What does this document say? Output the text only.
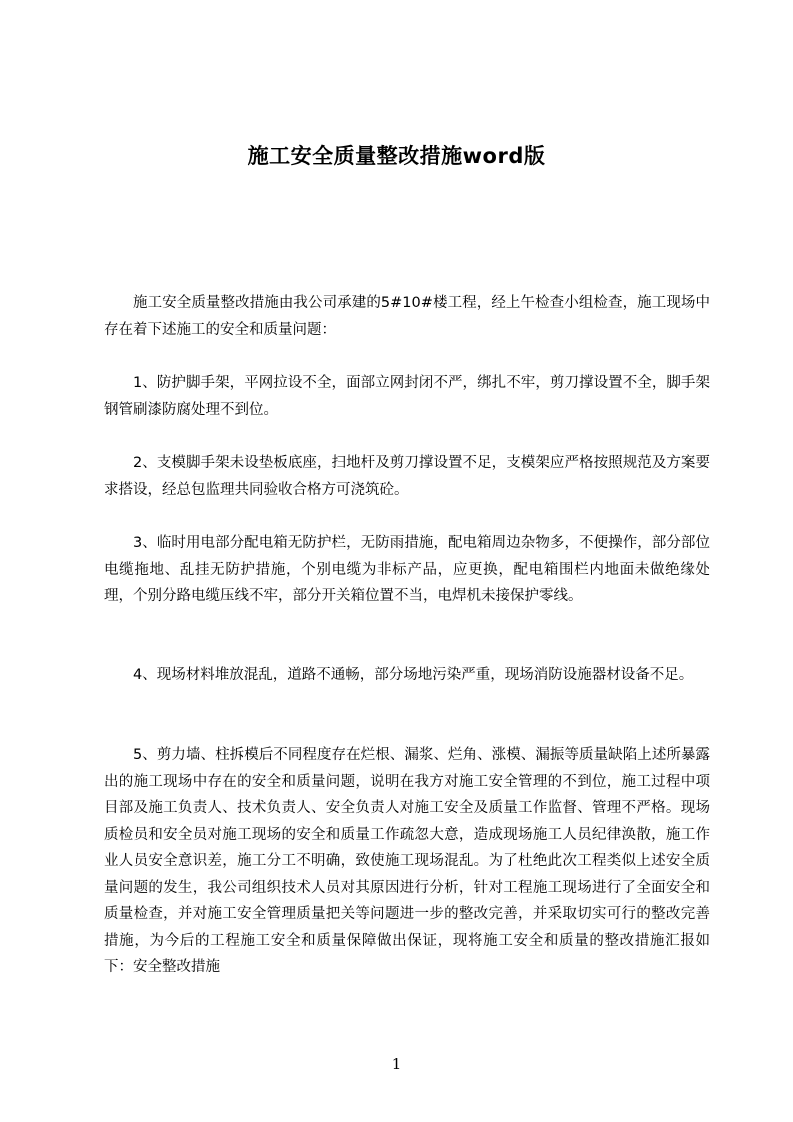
施工安全质量整改措施word版

施工安全质量整改措施由我公司承建的5#10#楼工程，经上午检查小组检查，施工现场中存在着下述施工的安全和质量问题：

1、防护脚手架，平网拉设不全，面部立网封闭不严，绑扎不牢，剪刀撑设置不全，脚手架钢管刷漆防腐处理不到位。

2、支模脚手架未设垫板底座，扫地杆及剪刀撑设置不足，支模架应严格按照规范及方案要求搭设，经总包监理共同验收合格方可浇筑砼。

3、临时用电部分配电箱无防护栏，无防雨措施，配电箱周边杂物多，不便操作，部分部位电缆拖地、乱挂无防护措施，个别电缆为非标产品，应更换，配电箱围栏内地面未做绝缘处理，个别分路电缆压线不牢，部分开关箱位置不当，电焊机未接保护零线。

4、现场材料堆放混乱，道路不通畅，部分场地污染严重，现场消防设施器材设备不足。

5、剪力墙、柱拆模后不同程度存在烂根、漏浆、烂角、涨模、漏振等质量缺陷上述所暴露出的施工现场中存在的安全和质量问题，说明在我方对施工安全管理的不到位，施工过程中项目部及施工负责人、技术负责人、安全负责人对施工安全及质量工作监督、管理不严格。现场质检员和安全员对施工现场的安全和质量工作疏忽大意，造成现场施工人员纪律涣散，施工作业人员安全意识差，施工分工不明确，致使施工现场混乱。为了杜绝此次工程类似上述安全质量问题的发生，我公司组织技术人员对其原因进行分析，针对工程施工现场进行了全面安全和质量检查，并对施工安全管理质量把关等问题进一步的整改完善，并采取切实可行的整改完善措施，为今后的工程施工安全和质量保障做出保证，现将施工安全和质量的整改措施汇报如下：安全整改措施

1
